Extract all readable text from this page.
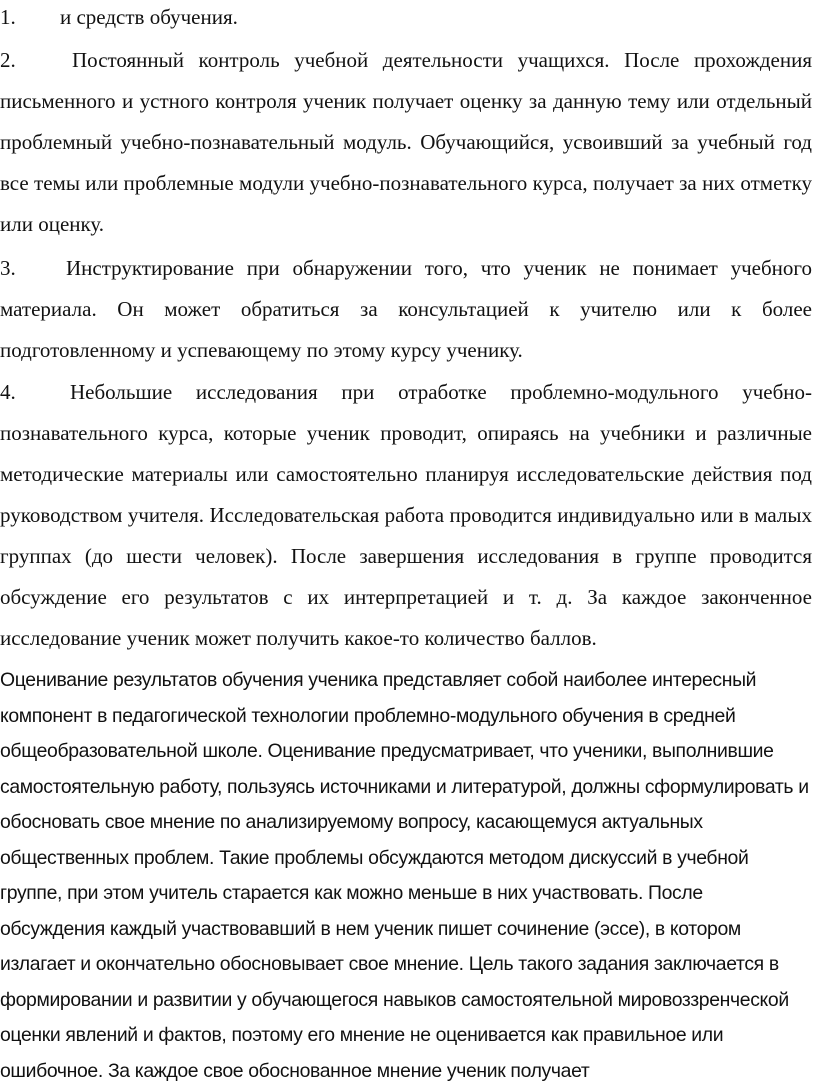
1. и средств обучения.
2.	Постоянный контроль учебной деятельности учащихся. После прохождения письменного и устного контроля ученик получает оценку за данную тему или отдельный проблемный учебно-познавательный модуль. Обучающийся, усвоивший за учебный год все темы или проблемные модули учебно-познавательного курса, получает за них отметку или оценку.
3. Инструктирование при обнаружении того, что ученик не понимает учебного материала. Он может обратиться за консультацией к учителю или к более подготовленному и успевающему по этому курсу ученику.
4.	Небольшие исследования при отработке проблемно-модульного учебно-познавательного курса, которые ученик проводит, опираясь на учебники и различные методические материалы или самостоятельно планируя исследовательские действия под руководством учителя. Исследовательская работа проводится индивидуально или в малых группах (до шести человек). После завершения исследования в группе проводится обсуждение его результатов с их интерпретацией и т. д. За каждое законченное исследование ученик может получить какое-то количество баллов.
Оценивание результатов обучения ученика представляет собой наиболее интересный компонент в педагогической технологии проблемно-модульного обучения в средней общеобразовательной школе. Оценивание предусматривает, что ученики, выполнившие самостоятельную работу, пользуясь источниками и литературой, должны сформулировать и обосновать свое мнение по анализируемому вопросу, касающемуся актуальных общественных проблем. Такие проблемы обсуждаются методом дискуссий в учебной группе, при этом учитель старается как можно меньше в них участвовать. После обсуждения каждый участвовавший в нем ученик пишет сочинение (эссе), в котором излагает и окончательно обосновывает свое мнение. Цель такого задания заключается в формировании и развитии у обучающегося навыков самостоятельной мировоззренческой оценки явлений и фактов, поэтому его мнение не оценивается как правильное или ошибочное. За каждое свое обоснованное мнение ученик получает
